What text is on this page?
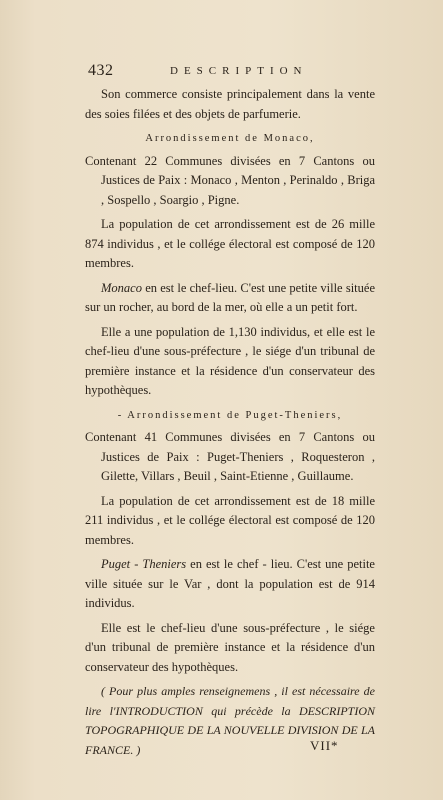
432	DESCRIPTION

Son commerce consiste principalement dans la vente des soies filées et des objets de parfumerie.

Arrondissement de Monaco,

Contenant 22 Communes divisées en 7 Cantons ou Justices de Paix : Monaco , Menton , Perinaldo , Briga , Sospello , Soargio , Pigne.

La population de cet arrondissement est de 26 mille 874 individus , et le collége électoral est composé de 120 membres.

Monaco en est le chef-lieu. C'est une petite ville située sur un rocher, au bord de la mer, où elle a un petit fort.

Elle a une population de 1,130 individus, et elle est le chef-lieu d'une sous-préfecture , le siége d'un tribunal de première instance et la résidence d'un conservateur des hypothèques.

- Arrondissement de Puget-Theniers,

Contenant 41 Communes divisées en 7 Cantons ou Justices de Paix : Puget-Theniers , Roquesteron , Gilette, Villars , Beuil , Saint-Etienne , Guillaume.

La population de cet arrondissement est de 18 mille 211 individus , et le collége électoral est composé de 120 membres.

Puget - Theniers en est le chef - lieu. C'est une petite ville située sur le Var , dont la population est de 914 individus.

Elle est le chef-lieu d'une sous-préfecture , le siége d'un tribunal de première instance et la résidence d'un conservateur des hypothèques.

( Pour plus amples renseignemens , il est nécessaire de lire l'INTRODUCTION qui précède la DESCRIPTION TOPOGRAPHIQUE DE LA NOUVELLE DIVISION DE LA FRANCE. )	VII*
